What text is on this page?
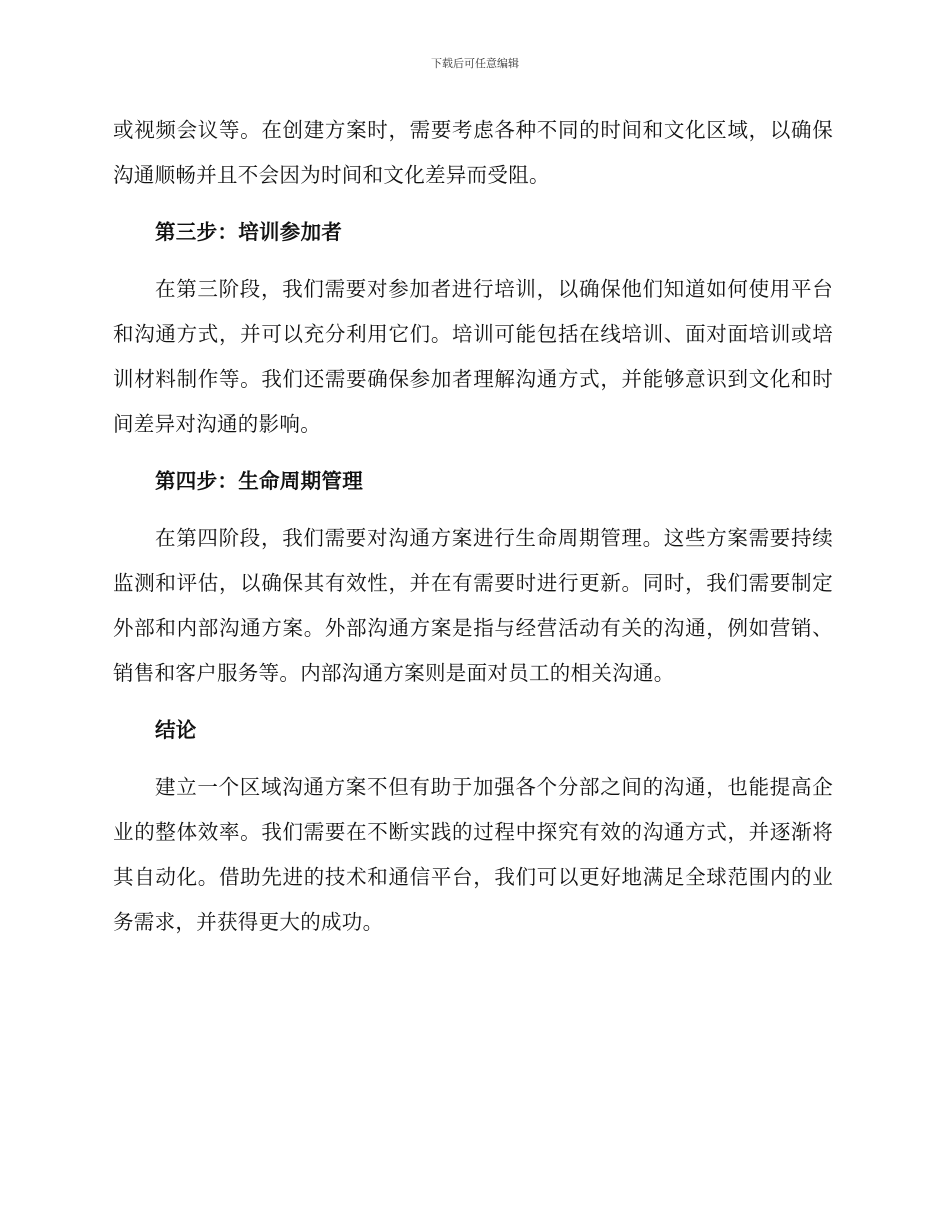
下载后可任意编辑

或视频会议等。在创建方案时，需要考虑各种不同的时间和文化区域，以确保沟通顺畅并且不会因为时间和文化差异而受阻。

第三步：培训参加者

在第三阶段，我们需要对参加者进行培训，以确保他们知道如何使用平台和沟通方式，并可以充分利用它们。培训可能包括在线培训、面对面培训或培训材料制作等。我们还需要确保参加者理解沟通方式，并能够意识到文化和时间差异对沟通的影响。

第四步：生命周期管理

在第四阶段，我们需要对沟通方案进行生命周期管理。这些方案需要持续监测和评估，以确保其有效性，并在有需要时进行更新。同时，我们需要制定外部和内部沟通方案。外部沟通方案是指与经营活动有关的沟通，例如营销、销售和客户服务等。内部沟通方案则是面对员工的相关沟通。

结论

建立一个区域沟通方案不但有助于加强各个分部之间的沟通，也能提高企业的整体效率。我们需要在不断实践的过程中探究有效的沟通方式，并逐渐将其自动化。借助先进的技术和通信平台，我们可以更好地满足全球范围内的业务需求，并获得更大的成功。
